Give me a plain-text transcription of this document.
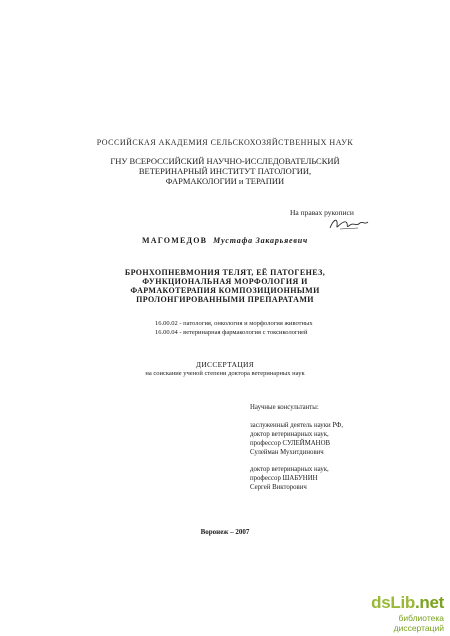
РОССИЙСКАЯ АКАДЕМИЯ СЕЛЬСКОХОЗЯЙСТВЕННЫХ НАУК
ГНУ ВСЕРОССИЙСКИЙ НАУЧНО-ИССЛЕДОВАТЕЛЬСКИЙ
ВЕТЕРИНАРНЫЙ ИНСТИТУТ ПАТОЛОГИИ,
ФАРМАКОЛОГИИ и ТЕРАПИИ
На правах рукописи
МАГОМЕДОВ Мустафа Закарьяевич
БРОНХОПНЕВМОНИЯ ТЕЛЯТ, ЕЁ ПАТОГЕНЕЗ,
ФУНКЦИОНАЛЬНАЯ МОРФОЛОГИЯ И
ФАРМАКОТЕРАПИЯ КОМПОЗИЦИОННЫМИ
ПРОЛОНГИРОВАННЫМИ ПРЕПАРАТАМИ
16.00.02 - патология, онкология и морфология животных
16.00.04 - ветеринарная фармакология с токсикологией
ДИССЕРТАЦИЯ
на соискание ученой степени доктора ветеринарных наук
Научные консультанты:
заслуженный деятель науки РФ,
доктор ветеринарных наук,
профессор СУЛЕЙМАНОВ
Сулейман Мухитдинович
доктор ветеринарных наук,
профессор ШАБУНИН
Сергей Викторович
Воронеж – 2007
dsLib.net
библиотека диссертаций
